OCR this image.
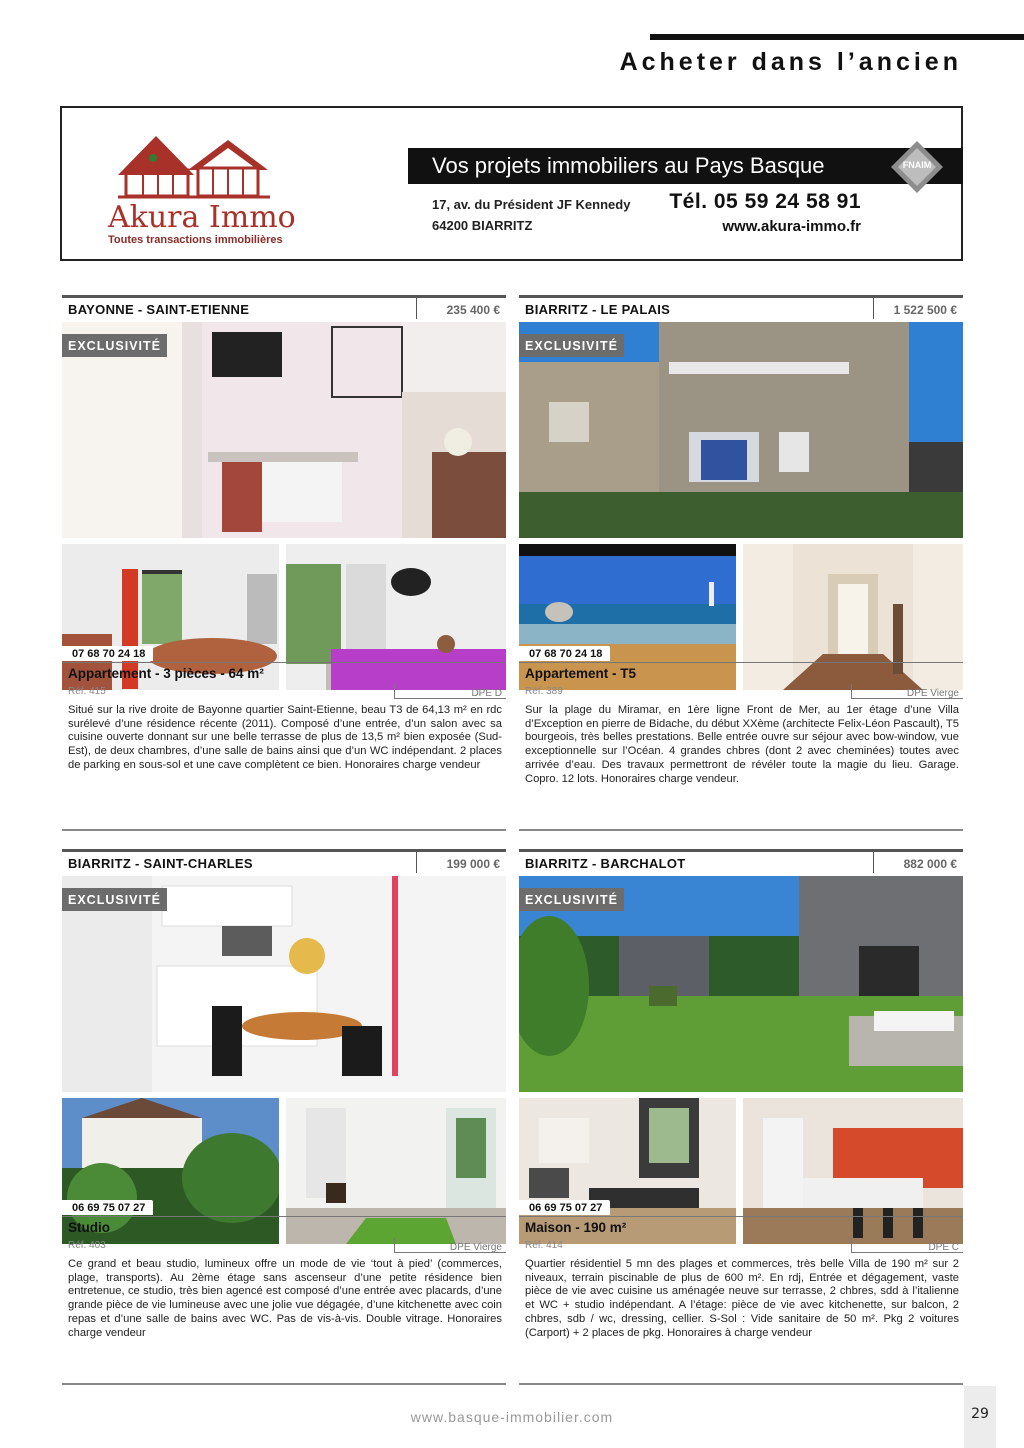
Acheter dans l’ancien
Akura Immo
Toutes transactions immobilières
Vos projets immobiliers au Pays Basque	FNAIM
17, av. du Président JF Kennedy
64200 BIARRITZ
Tél. 05 59 24 58 91
www.akura-immo.fr
BAYONNE - SAINT-ETIENNE	235 400 €
EXCLUSIVITÉ
07 68 70 24 18
Appartement - 3 pièces - 64 m²
Réf. 415	DPE D
Situé sur la rive droite de Bayonne quartier Saint-Etienne, beau T3 de 64,13 m² en rdc surélevé d’une résidence récente (2011). Composé d’une entrée, d’un salon avec sa cuisine ouverte donnant sur une belle terrasse de plus de 13,5 m² bien exposée (Sud-Est), de deux chambres, d’une salle de bains ainsi que d’un WC indépendant. 2 places de parking en sous-sol et une cave complètent ce bien. Honoraires charge vendeur
BIARRITZ - LE PALAIS	1 522 500 €
EXCLUSIVITÉ
07 68 70 24 18
Appartement - T5
Réf. 389	DPE Vierge
Sur la plage du Miramar, en 1ère ligne Front de Mer, au 1er étage d’une Villa d’Exception en pierre de Bidache, du début XXème (architecte Felix-Léon Pascault), T5 bourgeois, très belles prestations. Belle entrée ouvre sur séjour avec bow-window, vue exceptionnelle sur l’Océan. 4 grandes chbres (dont 2 avec cheminées) toutes avec arrivée d’eau. Des travaux permettront de révéler toute la magie du lieu. Garage. Copro. 12 lots. Honoraires charge vendeur.
BIARRITZ - SAINT-CHARLES	199 000 €
EXCLUSIVITÉ
06 69 75 07 27
Studio
Réf. 403	DPE Vierge
Ce grand et beau studio, lumineux offre un mode de vie ‘tout à pied’ (commerces, plage, transports). Au 2ème étage sans ascenseur d’une petite résidence bien entretenue, ce studio, très bien agencé est composé d’une entrée avec placards, d’une grande pièce de vie lumineuse avec une jolie vue dégagée, d’une kitchenette avec coin repas et d’une salle de bains avec WC. Pas de vis-à-vis. Double vitrage. Honoraires charge vendeur
BIARRITZ - BARCHALOT	882 000 €
EXCLUSIVITÉ
06 69 75 07 27
Maison - 190 m²
Réf. 414	DPE C
Quartier résidentiel 5 mn des plages et commerces, très belle Villa de 190 m² sur 2 niveaux, terrain piscinable de plus de 600 m². En rdj, Entrée et dégagement, vaste pièce de vie avec cuisine us aménagée neuve sur terrasse, 2 chbres, sdd à l’italienne et WC + studio indépendant. A l’étage: pièce de vie avec kitchenette, sur balcon, 2 chbres, sdb / wc, dressing, cellier. S-Sol : Vide sanitaire de 50 m². Pkg 2 voitures (Carport) + 2 places de pkg. Honoraires à charge vendeur
www.basque-immobilier.com	29
